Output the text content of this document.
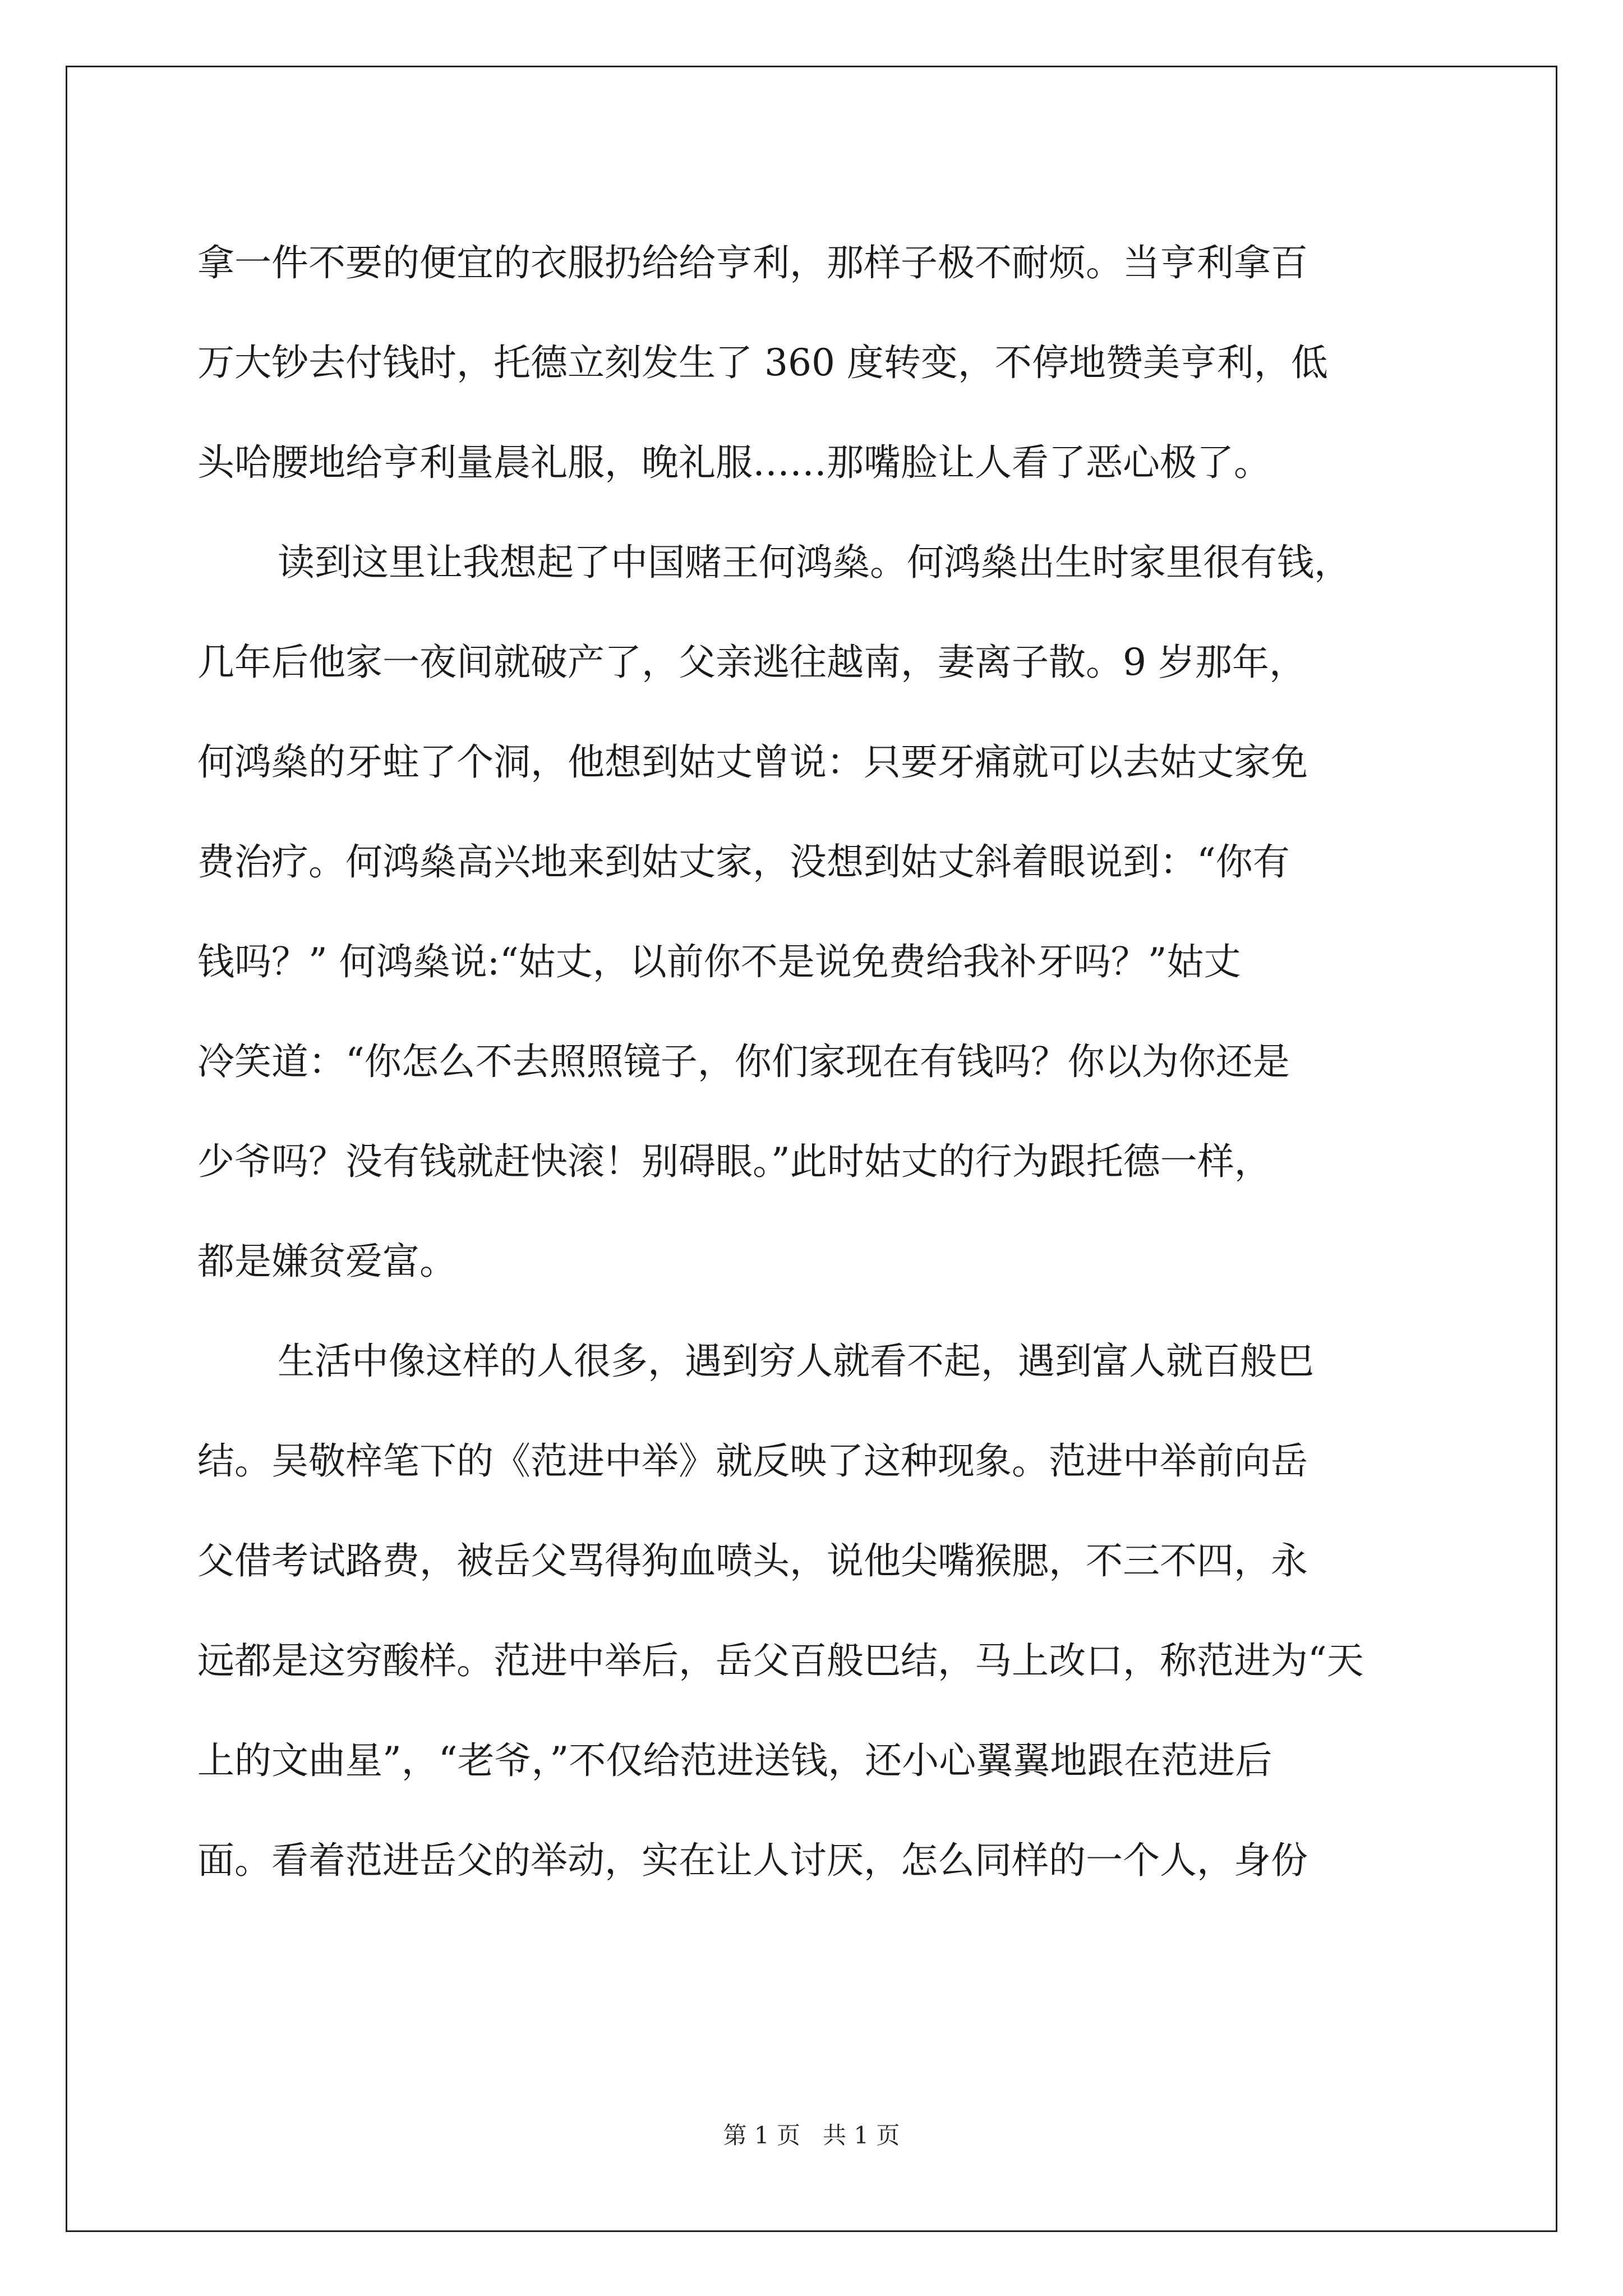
拿一件不要的便宜的衣服扔给给亨利，那样子极不耐烦。当亨利拿百
万大钞去付钱时，托德立刻发生了 360 度转变，不停地赞美亨利，低
头哈腰地给亨利量晨礼服，晚礼服……那嘴脸让人看了恶心极了。
读到这里让我想起了中国赌王何鸿燊。何鸿燊出生时家里很有钱，
几年后他家一夜间就破产了，父亲逃往越南，妻离子散。9 岁那年，
何鸿燊的牙蛀了个洞，他想到姑丈曾说：只要牙痛就可以去姑丈家免
费治疗。何鸿燊高兴地来到姑丈家，没想到姑丈斜着眼说到：“你有
钱吗？” 何鸿燊说:“姑丈，以前你不是说免费给我补牙吗？”姑丈
冷笑道：“你怎么不去照照镜子，你们家现在有钱吗？你以为你还是
少爷吗？没有钱就赶快滚！别碍眼。”此时姑丈的行为跟托德一样，
都是嫌贫爱富。
生活中像这样的人很多，遇到穷人就看不起，遇到富人就百般巴
结。吴敬梓笔下的《范进中举》就反映了这种现象。范进中举前向岳
父借考试路费，被岳父骂得狗血喷头，说他尖嘴猴腮，不三不四，永
远都是这穷酸样。范进中举后，岳父百般巴结，马上改口，称范进为“天
上的文曲星”，“老爷，”不仅给范进送钱，还小心翼翼地跟在范进后
面。看着范进岳父的举动，实在让人讨厌，怎么同样的一个人，身份
第 1 页 共 1 页
